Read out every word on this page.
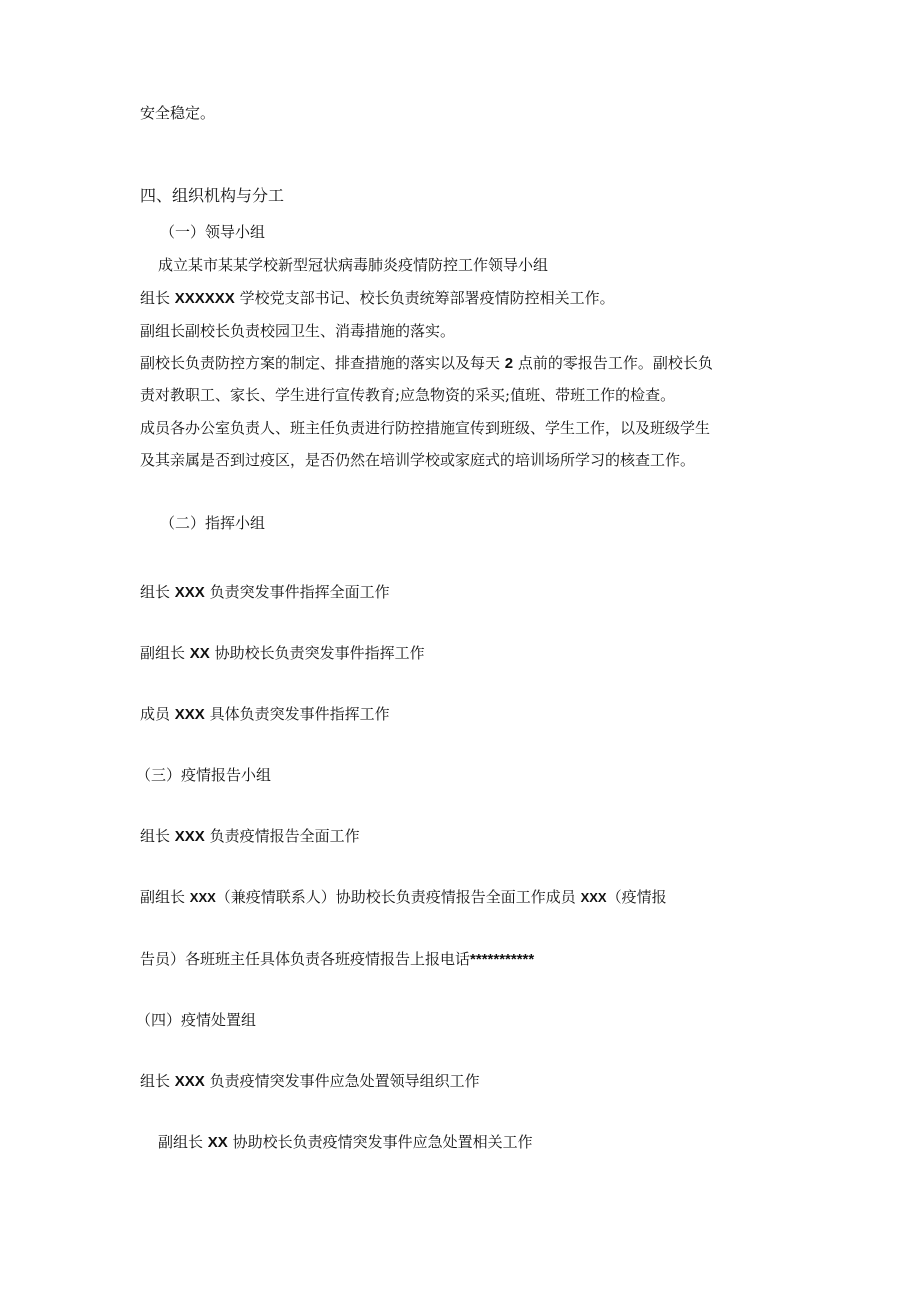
安全稳定。
四、组织机构与分工
（一）领导小组
成立某市某某学校新型冠状病毒肺炎疫情防控工作领导小组
组长 XXXXXX 学校党支部书记、校长负责统筹部署疫情防控相关工作。
副组长副校长负责校园卫生、消毒措施的落实。
副校长负责防控方案的制定、排查措施的落实以及每天 2 点前的零报告工作。副校长负
责对教职工、家长、学生进行宣传教育;应急物资的采买;值班、带班工作的检查。
成员各办公室负责人、班主任负责进行防控措施宣传到班级、学生工作，以及班级学生
及其亲属是否到过疫区，是否仍然在培训学校或家庭式的培训场所学习的核查工作。
（二）指挥小组
组长 XXX 负责突发事件指挥全面工作
副组长 XX 协助校长负责突发事件指挥工作
成员 XXX 具体负责突发事件指挥工作
（三）疫情报告小组
组长 XXX 负责疫情报告全面工作
副组长 XXX（兼疫情联系人）协助校长负责疫情报告全面工作成员 XXX（疫情报
告员）各班班主任具体负责各班疫情报告上报电话***********
（四）疫情处置组
组长 XXX 负责疫情突发事件应急处置领导组织工作
副组长 XX 协助校长负责疫情突发事件应急处置相关工作
